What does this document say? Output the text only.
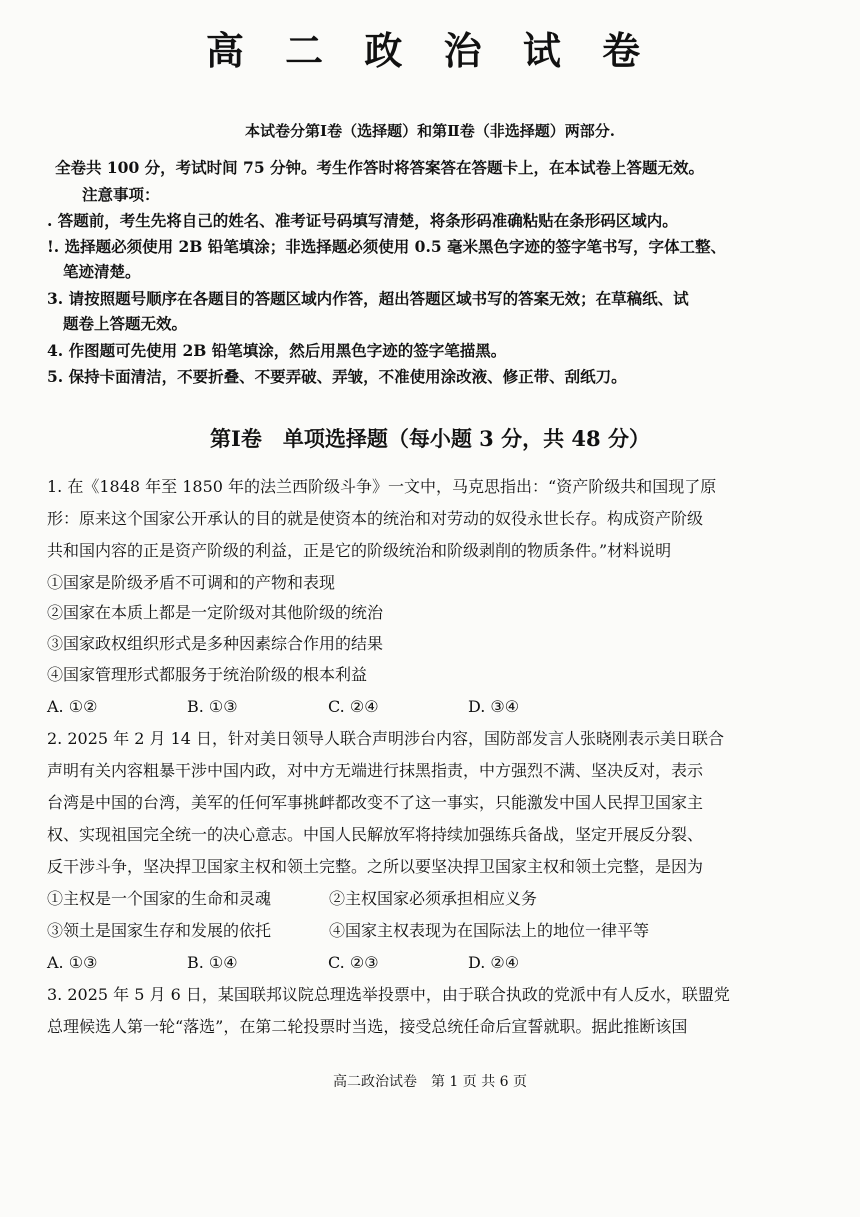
高 二 政 治 试 卷
本试卷分第Ⅰ卷（选择题）和第Ⅱ卷（非选择题）两部分.
全卷共 100 分，考试时间 75 分钟。考生作答时将答案答在答题卡上，在本试卷上答题无效。
注意事项：
. 答题前，考生先将自己的姓名、准考证号码填写清楚，将条形码准确粘贴在条形码区域内。
!. 选择题必须使用 2B 铅笔填涂；非选择题必须使用 0.5 毫米黑色字迹的签字笔书写，字体工整、
笔迹清楚。
3. 请按照题号顺序在各题目的答题区域内作答，超出答题区域书写的答案无效；在草稿纸、试
题卷上答题无效。
4. 作图题可先使用 2B 铅笔填涂，然后用黑色字迹的签字笔描黑。
5. 保持卡面清洁，不要折叠、不要弄破、弄皱，不准使用涂改液、修正带、刮纸刀。
第Ⅰ卷　单项选择题（每小题 3 分，共 48 分）
1. 在《1848 年至 1850 年的法兰西阶级斗争》一文中，马克思指出：“资产阶级共和国现了原
形：原来这个国家公开承认的目的就是使资本的统治和对劳动的奴役永世长存。构成资产阶级
共和国内容的正是资产阶级的利益，正是它的阶级统治和阶级剥削的物质条件。”材料说明
①国家是阶级矛盾不可调和的产物和表现
②国家在本质上都是一定阶级对其他阶级的统治
③国家政权组织形式是多种因素综合作用的结果
④国家管理形式都服务于统治阶级的根本利益
A. ①②	B. ①③	C. ②④	D. ③④
2. 2025 年 2 月 14 日，针对美日领导人联合声明涉台内容，国防部发言人张晓刚表示美日联合
声明有关内容粗暴干涉中国内政，对中方无端进行抹黑指责，中方强烈不满、坚决反对，表示
台湾是中国的台湾，美军的任何军事挑衅都改变不了这一事实，只能激发中国人民捍卫国家主
权、实现祖国完全统一的决心意志。中国人民解放军将持续加强练兵备战，坚定开展反分裂、
反干涉斗争，坚决捍卫国家主权和领土完整。之所以要坚决捍卫国家主权和领土完整，是因为
①主权是一个国家的生命和灵魂	②主权国家必须承担相应义务
③领土是国家生存和发展的依托	④国家主权表现为在国际法上的地位一律平等
A. ①③	B. ①④	C. ②③	D. ②④
3. 2025 年 5 月 6 日，某国联邦议院总理选举投票中，由于联合执政的党派中有人反水，联盟党
总理候选人第一轮“落选”，在第二轮投票时当选，接受总统任命后宣誓就职。据此推断该国
高二政治试卷　第 1 页 共 6 页
